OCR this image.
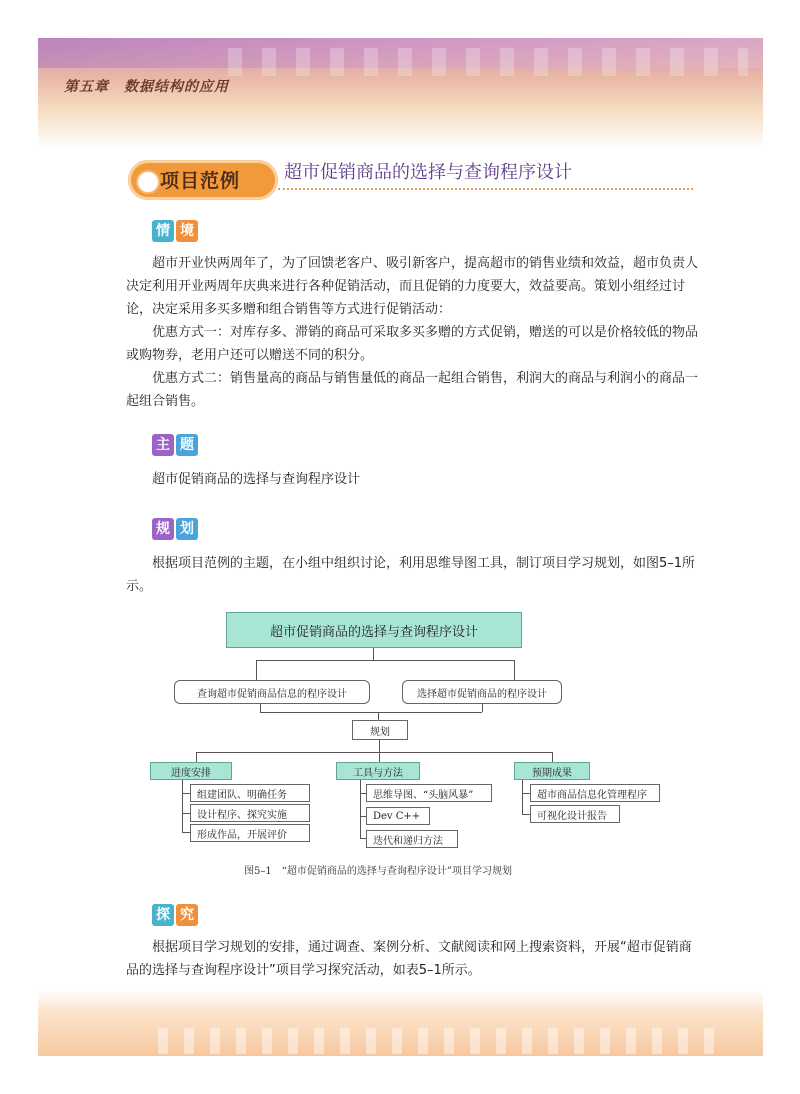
第五章　数据结构的应用
项目范例 超市促销商品的选择与查询程序设计
情 境

超市开业快两周年了，为了回馈老客户、吸引新客户，提高超市的销售业绩和效益，超市负责人决定利用开业两周年庆典来进行各种促销活动，而且促销的力度要大，效益要高。策划小组经过讨论，决定采用多买多赠和组合销售等方式进行促销活动：

优惠方式一：对库存多、滞销的商品可采取多买多赠的方式促销，赠送的可以是价格较低的物品或购物券，老用户还可以赠送不同的积分。

优惠方式二：销售量高的商品与销售量低的商品一起组合销售，利润大的商品与利润小的商品一起组合销售。

主 题

超市促销商品的选择与查询程序设计

规 划

根据项目范例的主题，在小组中组织讨论，利用思维导图工具，制订项目学习规划，如图5–1所示。

超市促销商品的选择与查询程序设计
查询超市促销商品信息的程序设计	选择超市促销商品的程序设计
规划
进度安排
组建团队、明确任务
设计程序、探究实施
形成作品，开展评价
工具与方法
思维导图、“头脑风暴”
Dev C++
迭代和递归方法
预期成果
超市商品信息化管理程序
可视化设计报告
图5–1　“超市促销商品的选择与查询程序设计”项目学习规划
探 究

根据项目学习规划的安排，通过调查、案例分析、文献阅读和网上搜索资料，开展“超市促销商品的选择与查询程序设计”项目学习探究活动，如表5–1所示。
